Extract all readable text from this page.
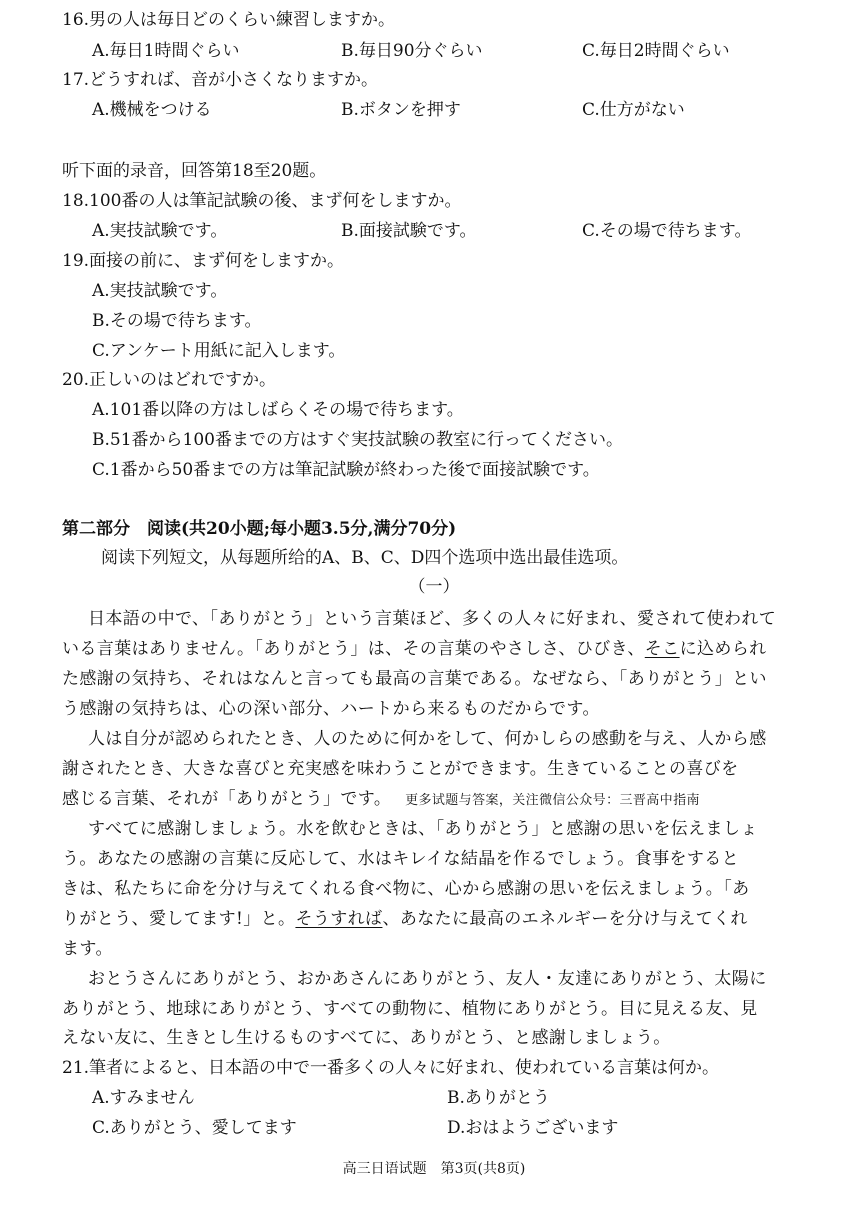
16.男の人は毎日どのくらい練習しますか。
A.毎日1時間ぐらい	B.毎日90分ぐらい	C.毎日2時間ぐらい
17.どうすれば、音が小さくなりますか。
A.機械をつける	B.ボタンを押す	C.仕方がない
听下面的录音，回答第18至20题。
18.100番の人は筆記試験の後、まず何をしますか。
A.実技試験です。	B.面接試験です。	C.その場で待ちます。
19.面接の前に、まず何をしますか。
A.実技試験です。
B.その場で待ちます。
C.アンケート用紙に記入します。
20.正しいのはどれですか。
A.101番以降の方はしばらくその場で待ちます。
B.51番から100番までの方はすぐ実技試験の教室に行ってください。
C.1番から50番までの方は筆記試験が終わった後で面接試験です。
第二部分　阅读(共20小题;每小题3.5分,满分70分)
阅读下列短文，从每题所给的A、B、C、D四个选项中选出最佳选项。
（一）
日本語の中で、「ありがとう」という言葉ほど、多くの人々に好まれ、愛されて使われて
いる言葉はありません。「ありがとう」は、その言葉のやさしさ、ひびき、そこに込められ
た感謝の気持ち、それはなんと言っても最高の言葉である。なぜなら、「ありがとう」とい
う感謝の気持ちは、心の深い部分、ハートから来るものだからです。
人は自分が認められたとき、人のために何かをして、何かしらの感動を与え、人から感
謝されたとき、大きな喜びと充実感を味わうことができます。生きていることの喜びを
感じる言葉、それが「ありがとう」です。 更多试题与答案，关注微信公众号：三晋高中指南
すべてに感謝しましょう。水を飲むときは、「ありがとう」と感謝の思いを伝えましょ
う。あなたの感謝の言葉に反応して、水はキレイな結晶を作るでしょう。食事をすると
きは、私たちに命を分け与えてくれる食べ物に、心から感謝の思いを伝えましょう。「あ
りがとう、愛してます!」と。そうすれば、あなたに最高のエネルギーを分け与えてくれ
ます。
おとうさんにありがとう、おかあさんにありがとう、友人・友達にありがとう、太陽に
ありがとう、地球にありがとう、すべての動物に、植物にありがとう。目に見える友、見
えない友に、生きとし生けるものすべてに、ありがとう、と感謝しましょう。
21.筆者によると、日本語の中で一番多くの人々に好まれ、使われている言葉は何か。
A.すみません	B.ありがとう
C.ありがとう、愛してます	D.おはようございます
高三日语试题　第3页(共8页)
